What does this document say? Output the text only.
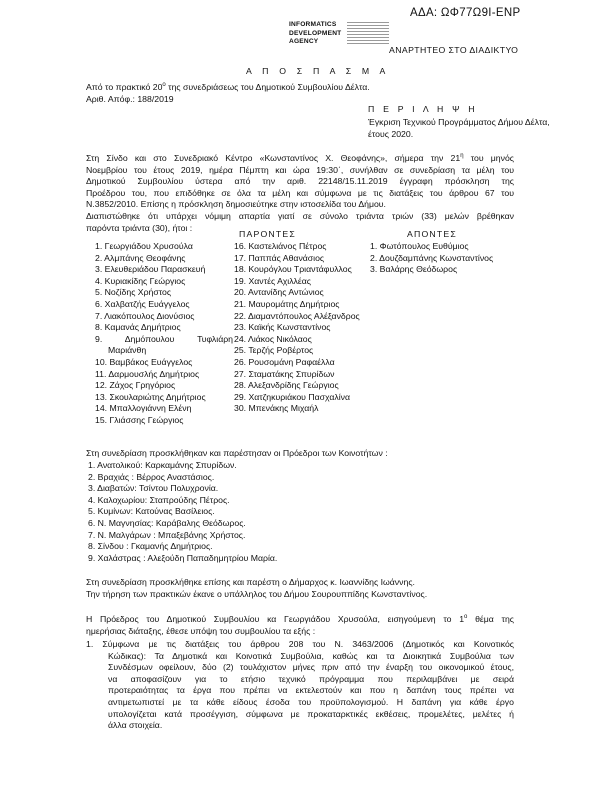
ΑΔΑ: ΩΦ77Ω9Ι-ΕΝΡ
INFORMATICS
DEVELOPMENT
AGENCY
ΑΝΑΡΤΗΤΕΟ ΣΤΟ ΔΙΑΔΙΚΤΥΟ
Α Π Ο Σ Π Α Σ Μ Α
Από το πρακτικό $20^o$ της συνεδριάσεως του Δημοτικού Συμβουλίου Δέλτα.
Αριθ. Απόφ.: 188/2019
Π Ε Ρ Ι Λ Η Ψ Η
Έγκριση Τεχνικού Προγράμματος Δήμου Δέλτα,
έτους 2020.
Στη Σίνδο και στο Συνεδριακό Κέντρο «Κωνσταντίνος Χ. Θεοφάνης», σήμερα την $21^\eta$ του μηνός
Νοεμβρίου του έτους 2019, ημέρα Πέμπτη και ώρα 19:30΄, συνήλθαν σε συνεδρίαση τα μέλη του
Δημοτικού Συμβουλίου ύστερα από την αριθ. 22148/15.11.2019 έγγραφη πρόσκληση της
Προέδρου του, που επιδόθηκε σε όλα τα μέλη και σύμφωνα με τις διατάξεις του άρθρου 67 του
Ν.3852/2010. Επίσης η πρόσκληση δημοσιεύτηκε στην ιστοσελίδα του Δήμου.
Διαπιστώθηκε ότι υπάρχει νόμιμη απαρτία γιατί σε σύνολο τριάντα τριών (33) μελών βρέθηκαν
παρόντα τριάντα (30), ήτοι :
ΠΑΡΟΝΤΕΣ	ΑΠΟΝΤΕΣ
1. Γεωργιάδου Χρυσούλα
2. Αλμπάνης Θεοφάνης
3. Ελευθεριάδου Παρασκευή
4. Κυριακίδης Γεώργιος
5. Νοζίδης Χρήστος
6. Χαλβατζής Ευάγγελος
7. Λιακόπουλος Διονύσιος
8. Καμανάς Δημήτριος
9. Δημόπουλου Τυφλιάρη
Μαριάνθη
10. Βαμβάκος Ευάγγελος
11. Δαρμουσλής Δημήτριος
12. Ζάχος Γρηγόριος
13. Σκουλαριώτης Δημήτριος
14. Μπαλλογιάννη Ελένη
15. Γλιάσσης Γεώργιος
16. Καστελιάνος Πέτρος
17. Παππάς Αθανάσιος
18. Κουρόγλου Τριαντάφυλλος
19. Χαντές Αχιλλέας
20. Αντανίδης Αντώνιος
21. Μαυρομάτης Δημήτριος
22. Διαμαντόπουλος Αλέξανδρος
23. Καϊκής Κωνσταντίνος
24. Λιάκος Νικόλαος
25. Τερζής Ροβέρτος
26. Ρουσομάνη Ραφαέλλα
27. Σταματάκης Σπυρίδων
28. Αλεξανδρίδης Γεώργιος
29. Χατζηκυριάκου Πασχαλίνα
30. Μπενάκης Μιχαήλ
1. Φωτόπουλος Ευθύμιος
2. Δουζδαμπάνης Κωνσταντίνος
3. Βαλάρης Θεόδωρος
Στη συνεδρίαση προσκλήθηκαν και παρέστησαν οι Πρόεδροι των Κοινοτήτων :
1. Ανατολικού: Καρκαμάνης Σπυρίδων.
2. Βραχιάς : Βέρρος Αναστάσιος.
3. Διαβατών: Τσίντου Πολυχρονία.
4. Καλοχωρίου: Σταπρούδης Πέτρος.
5. Κυμίνων: Κατούνας Βασίλειος.
6. Ν. Μαγνησίας: Καράβαλης Θεόδωρος.
7. Ν. Μαλγάρων : Μπαξεβάνης Χρήστος.
8. Σίνδου : Γκαμανής Δημήτριος.
9. Χαλάστρας : Αλεξούδη Παπαδημητρίου Μαρία.
Στη συνεδρίαση προσκλήθηκε επίσης και παρέστη ο Δήμαρχος κ. Ιωαννίδης Ιωάννης.
Την τήρηση των πρακτικών έκανε ο υπάλληλος του Δήμου Σουρουππίδης Κωνσταντίνος.
Η Πρόεδρος του Δημοτικού Συμβουλίου κα Γεωργιάδου Χρυσούλα, εισηγούμενη το $1^o$ θέμα της
ημερήσιας διάταξης, έθεσε υπόψη του συμβουλίου τα εξής :
1. Σύμφωνα με τις διατάξεις του άρθρου 208 του Ν. 3463/2006 (Δημοτικός και Κοινοτικός
Κώδικας): Τα Δημοτικά και Κοινοτικά Συμβούλια, καθώς και τα Διοικητικά Συμβούλια των
Συνδέσμων οφείλουν, δύο (2) τουλάχιστον μήνες πριν από την έναρξη του οικονομικού έτους,
να αποφασίζουν για το ετήσιο τεχνικό πρόγραμμα που περιλαμβάνει με σειρά
προτεραιότητας τα έργα που πρέπει να εκτελεστούν και που η δαπάνη τους πρέπει να
αντιμετωπιστεί με τα κάθε είδους έσοδα του προϋπολογισμού. Η δαπάνη για κάθε έργο
υπολογίζεται κατά προσέγγιση, σύμφωνα με προκαταρκτικές εκθέσεις, προμελέτες, μελέτες ή
άλλα στοιχεία.
